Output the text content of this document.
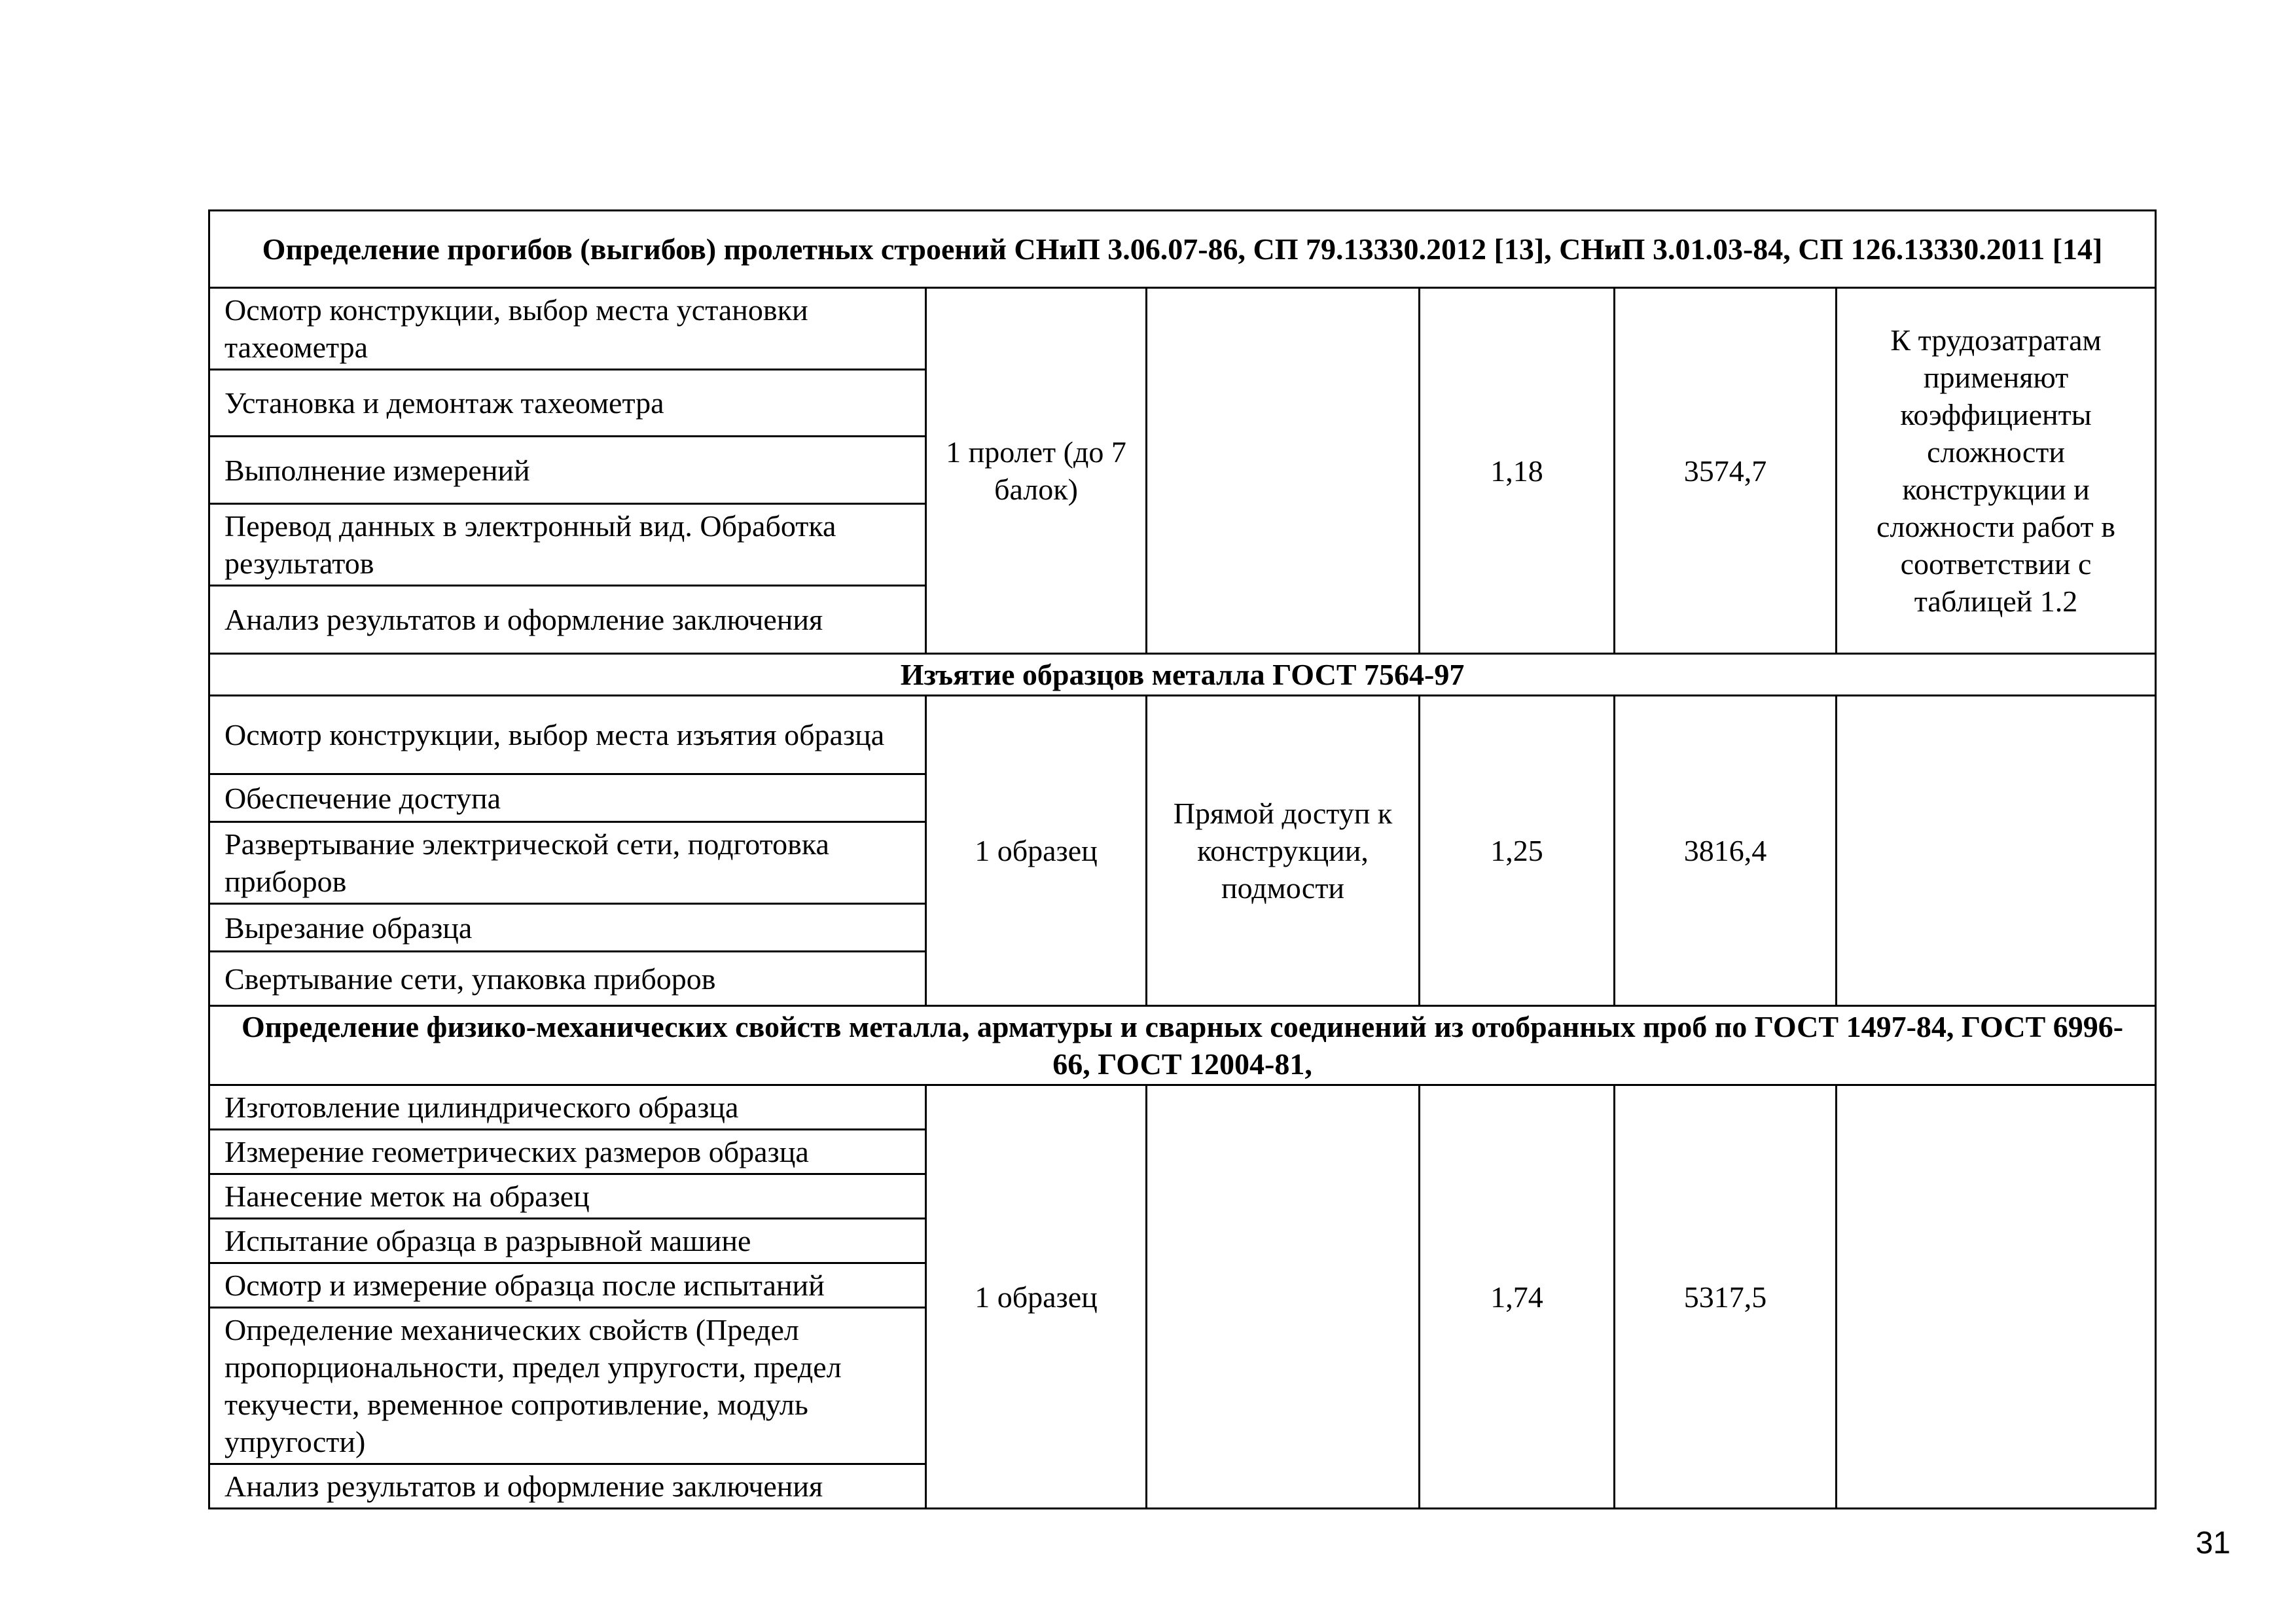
Определение прогибов (выгибов) пролетных строений СНиП 3.06.07-86, СП 79.13330.2012 [13], СНиП 3.01.03-84, СП 126.13330.2011 [14]					
Осмотр конструкции, выбор места установки тахеометра	1 пролет (до 7 балок)		1,18	3574,7	К трудозатратам применяют коэффициенты сложности конструкции и сложности работ в соответствии с таблицей 1.2
Установка и демонтаж тахеометра					
Выполнение измерений					
Перевод данных в электронный вид. Обработка результатов					
Анализ результатов и оформление заключения					
Изъятие образцов металла ГОСТ 7564-97					
Осмотр конструкции, выбор места изъятия образца	1 образец	Прямой доступ к конструкции, подмости	1,25	3816,4	
Обеспечение доступа					
Развертывание электрической сети, подготовка приборов					
Вырезание образца					
Свертывание сети, упаковка приборов					
Определение физико-механических свойств металла, арматуры и сварных соединений из отобранных проб по ГОСТ 1497-84, ГОСТ 6996-66, ГОСТ 12004-81,					
Изготовление цилиндрического образца	1 образец		1,74	5317,5	
Измерение геометрических размеров образца					
Нанесение меток на образец					
Испытание образца в разрывной машине					
Осмотр и измерение образца после испытаний					
Определение механических свойств (Предел пропорциональности, предел упругости, предел текучести, временное сопротивление, модуль упругости)					
Анализ результатов и оформление заключения					
31
